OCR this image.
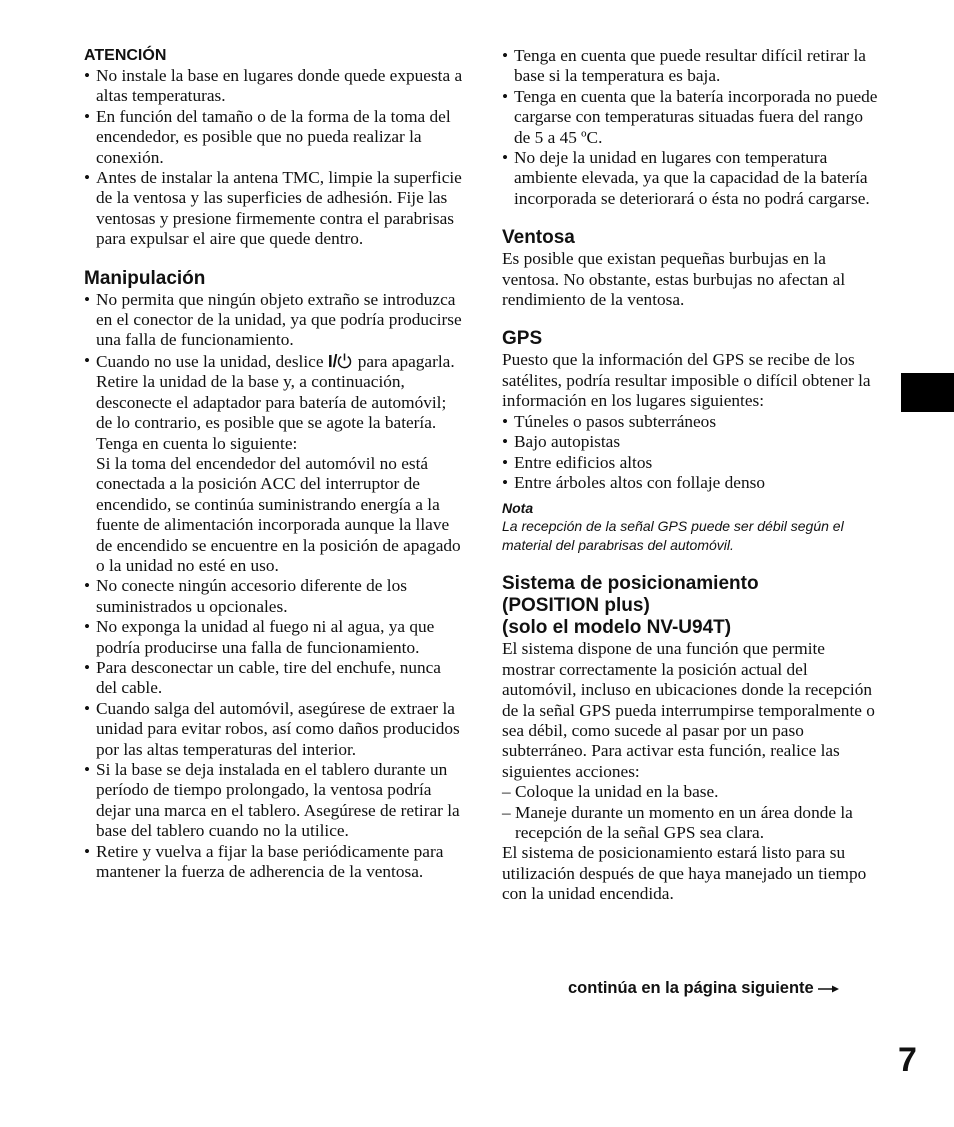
ATENCIÓN
• No instale la base en lugares donde quede expuesta a altas temperaturas.
• En función del tamaño o de la forma de la toma del encendedor, es posible que no pueda realizar la conexión.
• Antes de instalar la antena TMC, limpie la superficie de la ventosa y las superficies de adhesión. Fije las ventosas y presione firmemente contra el parabrisas para expulsar el aire que quede dentro.
Manipulación
• No permita que ningún objeto extraño se introduzca en el conector de la unidad, ya que podría producirse una falla de funcionamiento.
• Cuando no use la unidad, deslice I/ para apagarla. Retire la unidad de la base y, a continuación, desconecte el adaptador para batería de automóvil; de lo contrario, es posible que se agote la batería. Tenga en cuenta lo siguiente:
Si la toma del encendedor del automóvil no está conectada a la posición ACC del interruptor de encendido, se continúa suministrando energía a la fuente de alimentación incorporada aunque la llave de encendido se encuentre en la posición de apagado o la unidad no esté en uso.
• No conecte ningún accesorio diferente de los suministrados u opcionales.
• No exponga la unidad al fuego ni al agua, ya que podría producirse una falla de funcionamiento.
• Para desconectar un cable, tire del enchufe, nunca del cable.
• Cuando salga del automóvil, asegúrese de extraer la unidad para evitar robos, así como daños producidos por las altas temperaturas del interior.
• Si la base se deja instalada en el tablero durante un período de tiempo prolongado, la ventosa podría dejar una marca en el tablero. Asegúrese de retirar la base del tablero cuando no la utilice.
• Retire y vuelva a fijar la base periódicamente para mantener la fuerza de adherencia de la ventosa.
• Tenga en cuenta que puede resultar difícil retirar la base si la temperatura es baja.
• Tenga en cuenta que la batería incorporada no puede cargarse con temperaturas situadas fuera del rango de 5 a 45 ºC.
• No deje la unidad en lugares con temperatura ambiente elevada, ya que la capacidad de la batería incorporada se deteriorará o ésta no podrá cargarse.
Ventosa

Es posible que existan pequeñas burbujas en la ventosa. No obstante, estas burbujas no afectan al rendimiento de la ventosa.

GPS

Puesto que la información del GPS se recibe de los satélites, podría resultar imposible o difícil obtener la información en los lugares siguientes:

• Túneles o pasos subterráneos
• Bajo autopistas
• Entre edificios altos
• Entre árboles altos con follaje denso

Nota

La recepción de la señal GPS puede ser débil según el material del parabrisas del automóvil.

Sistema de posicionamiento
(POSITION plus)
(solo el modelo NV-U94T)

El sistema dispone de una función que permite mostrar correctamente la posición actual del automóvil, incluso en ubicaciones donde la recepción de la señal GPS pueda interrumpirse temporalmente o sea débil, como sucede al pasar por un paso subterráneo. Para activar esta función, realice las siguientes acciones:

– Coloque la unidad en la base.
– Maneje durante un momento en un área donde la recepción de la señal GPS sea clara.

El sistema de posicionamiento estará listo para su utilización después de que haya manejado un tiempo con la unidad encendida.

continúa en la página siguiente
7
